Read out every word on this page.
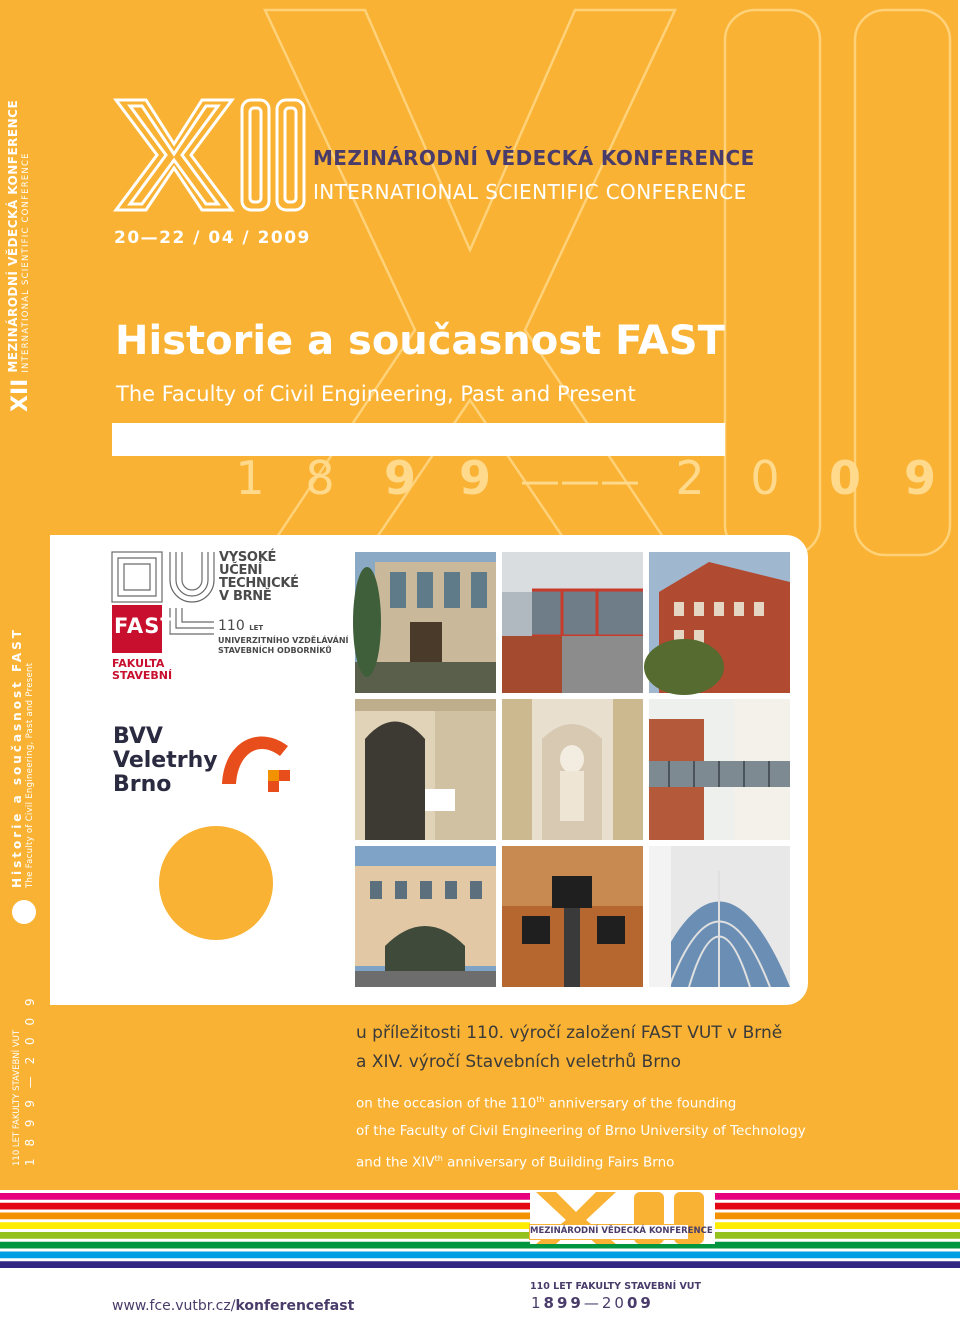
XII
MEZINÁRODNÍ VĚDECKÁ KONFERENCE INTERNATIONAL SCIENTIFIC CONFERENCE
Historie a současnost FAST The Faculty of Civil Engineering, Past and Present
110 LET FAKULTY STAVEBNÍ VUT 1 8 9 9 — 2 0 0 9
MEZINÁRODNÍ VĚDECKÁ KONFERENCE
INTERNATIONAL SCIENTIFIC CONFERENCE
20—22 / 04 / 2009
Historie a současnost FAST
The Faculty of Civil Engineering, Past and Present
1 8 9 9 ——— 2 0 0 9
FAST
VYSOKÉ
UČENÍ
TECHNICKÉ
V BRNĚ
110 LET
UNIVERZITNÍHO VZDĚLÁVÁNÍ
STAVEBNÍCH ODBORNÍKŮ
FAKULTA
STAVEBNÍ
BVV
Veletrhy
Brno
u příležitosti 110. výročí založení FAST VUT v Brně
a XIV. výročí Stavebních veletrhů Brno
on the occasion of the 110th anniversary of the founding
of the Faculty of Civil Engineering of Brno University of Technology
and the XIVth anniversary of Building Fairs Brno
MEZINÁRODNÍ VĚDECKÁ KONFERENCE
110 LET FAKULTY STAVEBNÍ VUT
1899—2009
www.fce.vutbr.cz/konferencefast
